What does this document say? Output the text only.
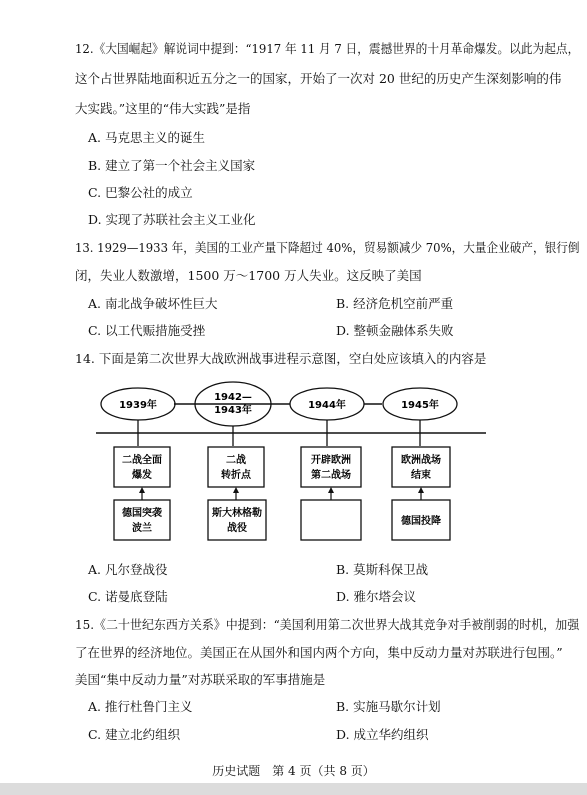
12.《大国崛起》解说词中提到：“1917 年 11 月 7 日，震撼世界的十月革命爆发。以此为起点，
这个占世界陆地面积近五分之一的国家，开始了一次对 20 世纪的历史产生深刻影响的伟
大实践。”这里的“伟大实践”是指
A. 马克思主义的诞生
B. 建立了第一个社会主义国家
C. 巴黎公社的成立
D. 实现了苏联社会主义工业化
13. 1929—1933 年，美国的工业产量下降超过 40%，贸易额减少 70%，大量企业破产，银行倒
闭，失业人数激增，1500 万～1700 万人失业。这反映了美国
A. 南北战争破坏性巨大	B. 经济危机空前严重
C. 以工代赈措施受挫	D. 整顿金融体系失败
14. 下面是第二次世界大战欧洲战事进程示意图，空白处应该填入的内容是
1939年
二战全面
爆发
德国突袭
波兰
1942—
1943年
二战
转折点
斯大林格勒
战役
1944年
开辟欧洲
第二战场
1945年
欧洲战场
结束
德国投降
A. 凡尔登战役	B. 莫斯科保卫战
C. 诺曼底登陆	D. 雅尔塔会议
15.《二十世纪东西方关系》中提到：“美国利用第二次世界大战其竞争对手被削弱的时机，加强
了在世界的经济地位。美国正在从国外和国内两个方向，集中反动力量对苏联进行包围。”
美国“集中反动力量”对苏联采取的军事措施是
A. 推行杜鲁门主义	B. 实施马歇尔计划
C. 建立北约组织	D. 成立华约组织
历史试题　第 4 页（共 8 页）
